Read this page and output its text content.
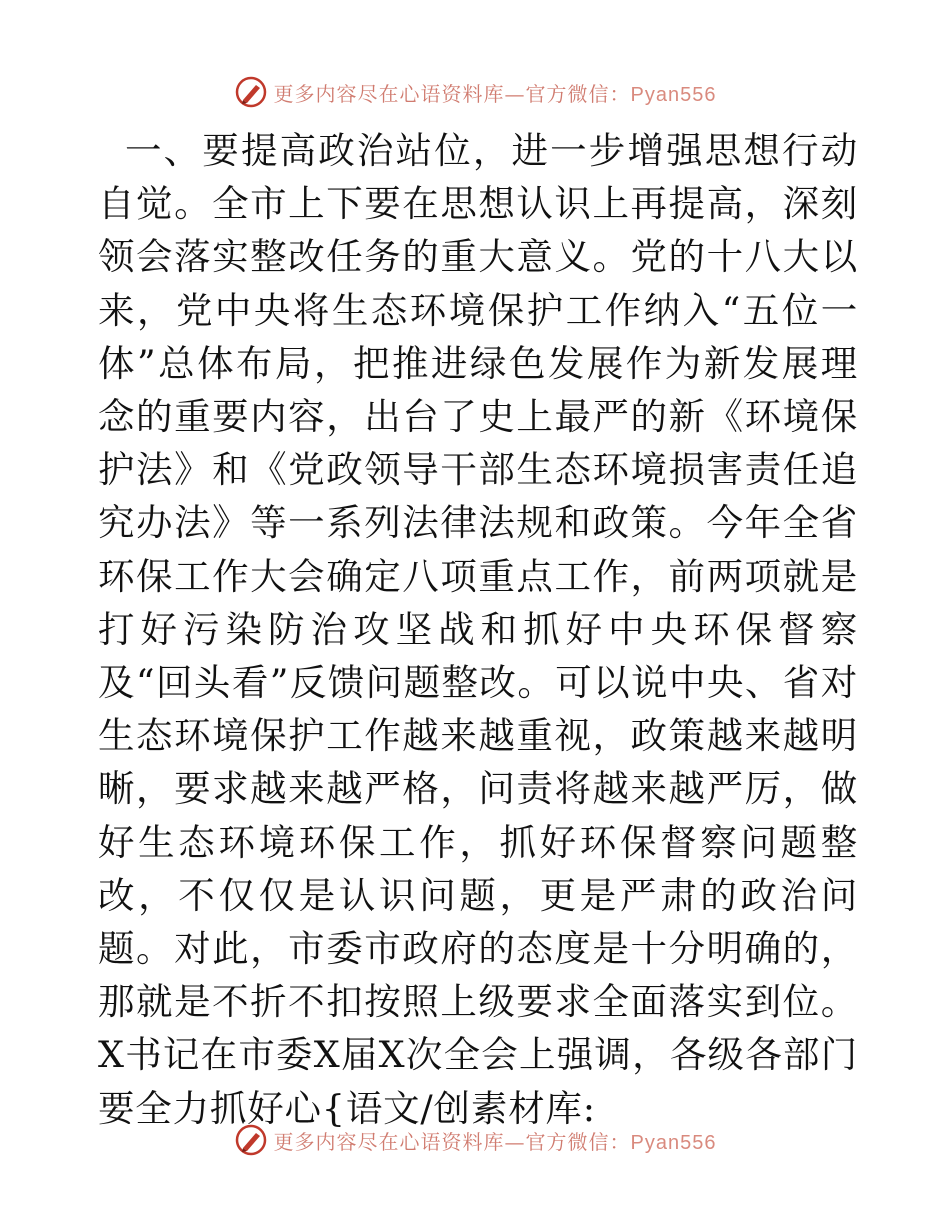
更多内容尽在心语资料库—官方微信：Pyan556

一、要提高政治站位，进一步增强思想行动自觉。全市上下要在思想认识上再提高，深刻领会落实整改任务的重大意义。党的十八大以来，党中央将生态环境保护工作纳入“五位一体”总体布局，把推进绿色发展作为新发展理念的重要内容，出台了史上最严的新《环境保护法》和《党政领导干部生态环境损害责任追究办法》等一系列法律法规和政策。今年全省环保工作大会确定八项重点工作，前两项就是打好污染防治攻坚战和抓好中央环保督察及“回头看”反馈问题整改。可以说中央、省对生态环境保护工作越来越重视，政策越来越明晰，要求越来越严格，问责将越来越严厉，做好生态环境环保工作，抓好环保督察问题整改，不仅仅是认识问题，更是严肃的政治问题。对此，市委市政府的态度是十分明确的，那就是不折不扣按照上级要求全面落实到位。X书记在市委X届X次全会上强调，各级各部门要全力抓好心{语文/创素材库:

更多内容尽在心语资料库—官方微信：Pyan556
